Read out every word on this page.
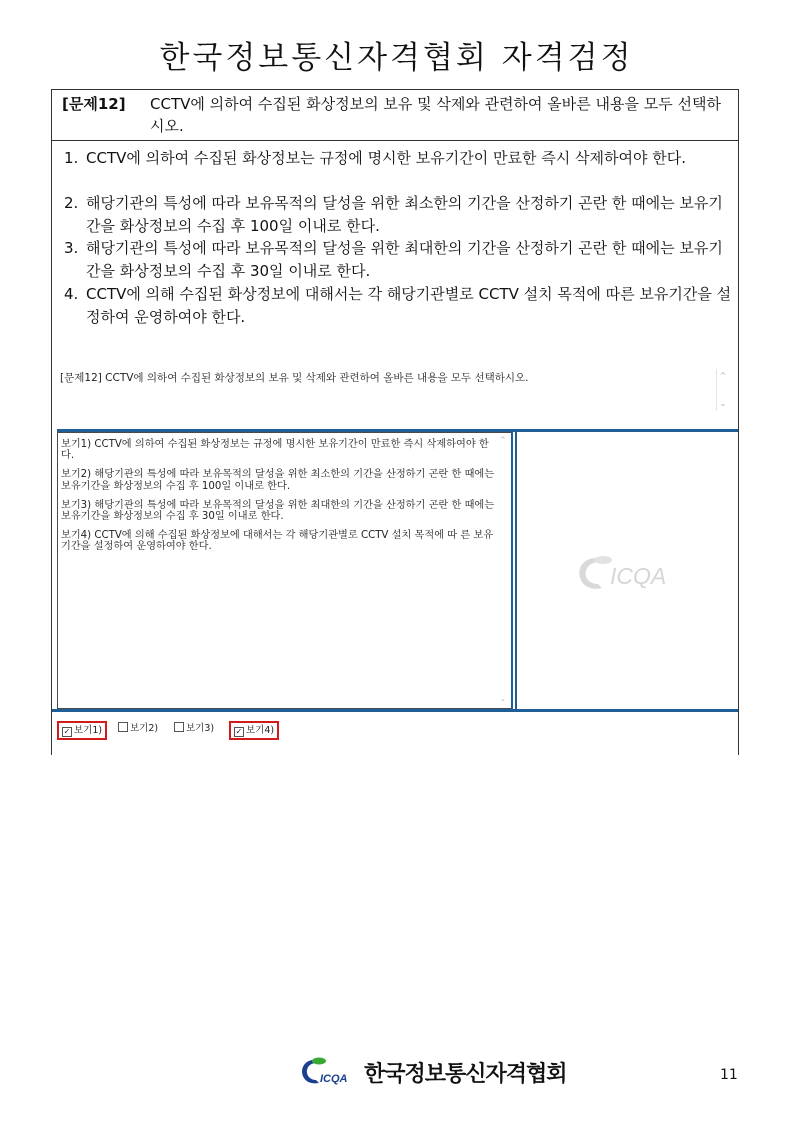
한국정보통신자격협회 자격검정
[문제12] CCTV에 의하여 수집된 화상정보의 보유 및 삭제와 관련하여 올바른 내용을 모두 선택하시오.
1. CCTV에 의하여 수집된 화상정보는 규정에 명시한 보유기간이 만료한 즉시 삭제하여야 한다.
2. 해당기관의 특성에 따라 보유목적의 달성을 위한 최소한의 기간을 산정하기 곤란 한 때에는 보유기간을 화상정보의 수집 후 100일 이내로 한다.
3. 해당기관의 특성에 따라 보유목적의 달성을 위한 최대한의 기간을 산정하기 곤란 한 때에는 보유기간을 화상정보의 수집 후 30일 이내로 한다.
4. CCTV에 의해 수집된 화상정보에 대해서는 각 해당기관별로 CCTV 설치 목적에 따른 보유기간을 설정하여 운영하여야 한다.
[문제12] CCTV에 의하여 수집된 화상정보의 보유 및 삭제와 관련하여 올바른 내용을 모두 선택하시오.	^
⌄

보기1) CCTV에 의하여 수집된 화상정보는 규정에 명시한 보유기간이 만료한 즉시 삭제하여야 한다.

보기2) 해당기관의 특성에 따라 보유목적의 달성을 위한 최소한의 기간을 산정하기 곤란 한 때에는 보유기간을 화상정보의 수집 후 100일 이내로 한다.

보기3) 해당기관의 특성에 따라 보유목적의 달성을 위한 최대한의 기간을 산정하기 곤란 한 때에는 보유기간을 화상정보의 수집 후 30일 이내로 한다.

보기4) CCTV에 의해 수집된 화상정보에 대해서는 각 해당기관별로 CCTV 설치 목적에 따 른 보유기간을 설정하여 운영하여야 한다.

^
⌄
ICQA
✓ 보기1)	보기2)	보기3)	✓ 보기4)
ICQA 한국정보통신자격협회	11
